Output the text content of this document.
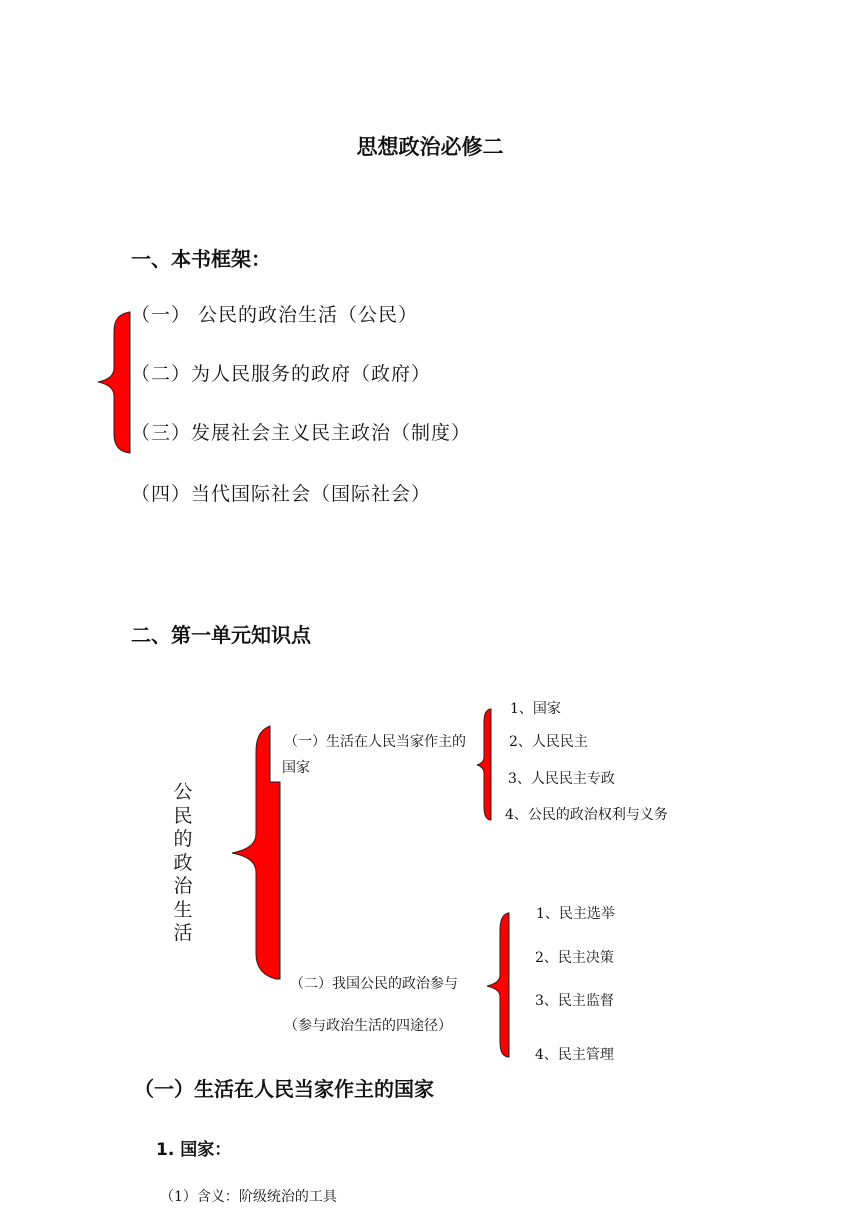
思想政治必修二
一、本书框架：
（一） 公民的政治生活（公民）
（二）为人民服务的政府（政府）
（三）发展社会主义民主政治（制度）
（四）当代国际社会（国际社会）
二、第一单元知识点
公民的政治生活
（一）生活在人民当家作主的
国家
1、国家
2、人民民主
3、人民民主专政
4、公民的政治权利与义务
（二）我国公民的政治参与
（参与政治生活的四途径）
1、民主选举
2、民主决策
3、民主监督
4、民主管理
（一）生活在人民当家作主的国家
1. 国家：
（1）含义：阶级统治的工具
